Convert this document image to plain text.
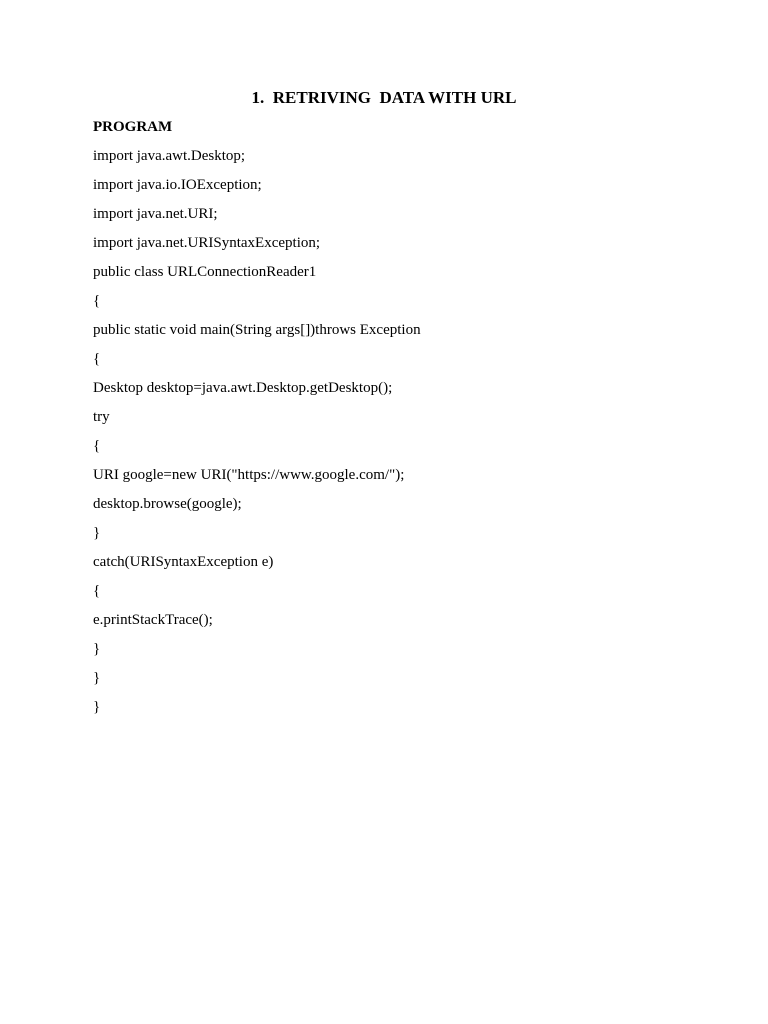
1.  RETRIVING  DATA WITH URL
PROGRAM
import java.awt.Desktop;
import java.io.IOException;
import java.net.URI;
import java.net.URISyntaxException;
public class URLConnectionReader1
{
public static void main(String args[])throws Exception
{
Desktop desktop=java.awt.Desktop.getDesktop();
try
{
URI google=new URI("https://www.google.com/");
desktop.browse(google);
}
catch(URISyntaxException e)
{
e.printStackTrace();
}
}
}
